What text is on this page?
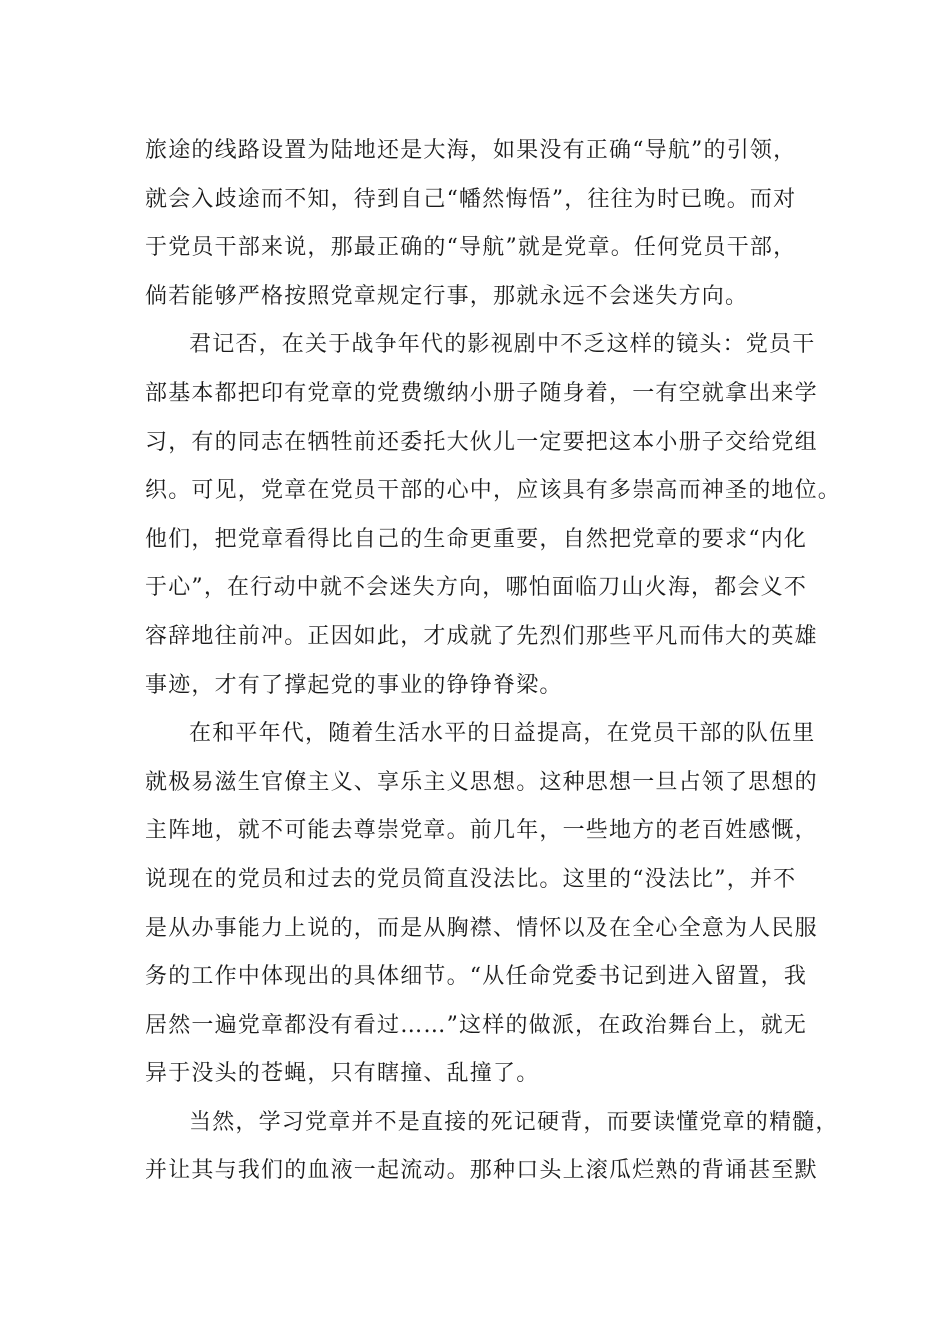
旅途的线路设置为陆地还是大海，如果没有正确“导航”的引领，
就会入歧途而不知，待到自己“幡然悔悟”，往往为时已晚。而对
于党员干部来说，那最正确的“导航”就是党章。任何党员干部，
倘若能够严格按照党章规定行事，那就永远不会迷失方向。
君记否，在关于战争年代的影视剧中不乏这样的镜头：党员干
部基本都把印有党章的党费缴纳小册子随身着，一有空就拿出来学
习，有的同志在牺牲前还委托大伙儿一定要把这本小册子交给党组
织。可见，党章在党员干部的心中，应该具有多崇高而神圣的地位。
他们，把党章看得比自己的生命更重要，自然把党章的要求“内化
于心”，在行动中就不会迷失方向，哪怕面临刀山火海，都会义不
容辞地往前冲。正因如此，才成就了先烈们那些平凡而伟大的英雄
事迹，才有了撑起党的事业的铮铮脊梁。
在和平年代，随着生活水平的日益提高，在党员干部的队伍里
就极易滋生官僚主义、享乐主义思想。这种思想一旦占领了思想的
主阵地，就不可能去尊崇党章。前几年，一些地方的老百姓感慨，
说现在的党员和过去的党员简直没法比。这里的“没法比”，并不
是从办事能力上说的，而是从胸襟、情怀以及在全心全意为人民服
务的工作中体现出的具体细节。“从任命党委书记到进入留置，我
居然一遍党章都没有看过……”这样的做派，在政治舞台上，就无
异于没头的苍蝇，只有瞎撞、乱撞了。
当然，学习党章并不是直接的死记硬背，而要读懂党章的精髓，
并让其与我们的血液一起流动。那种口头上滚瓜烂熟的背诵甚至默
